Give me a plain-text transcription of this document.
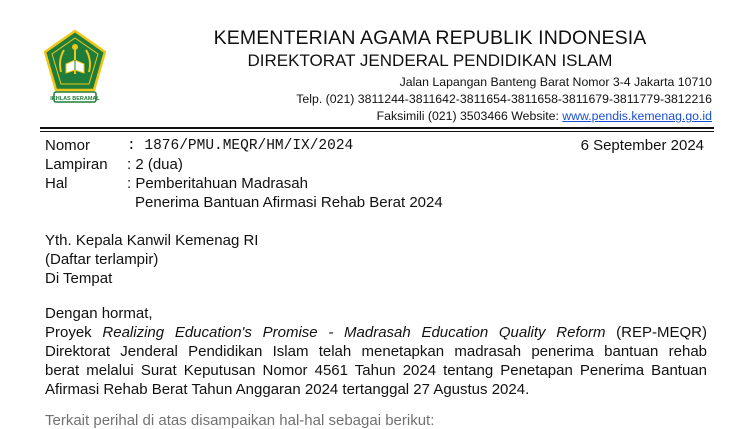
IKHLAS BERAMAL
KEMENTERIAN AGAMA REPUBLIK INDONESIA
DIREKTORAT JENDERAL PENDIDIKAN ISLAM
Jalan Lapangan Banteng Barat Nomor 3-4 Jakarta 10710
Telp. (021) 3811244-3811642-3811654-3811658-3811679-3811779-3812216
Faksimili (021) 3503466 Website: www.pendis.kemenag.go.id
Nomor	: 1876/PMU.MEQR/HM/IX/2024	6 September 2024
Lampiran : 2 (dua)
Hal	: Pemberitahuan Madrasah
Penerima Bantuan Afirmasi Rehab Berat 2024
Yth. Kepala Kanwil Kemenag RI
(Daftar terlampir)
Di Tempat
Dengan hormat,
Proyek Realizing Education's Promise - Madrasah Education Quality Reform (REP-MEQR)
Direktorat Jenderal Pendidikan Islam telah menetapkan madrasah penerima bantuan rehab
berat melalui Surat Keputusan Nomor 4561 Tahun 2024 tentang Penetapan Penerima Bantuan
Afirmasi Rehab Berat Tahun Anggaran 2024 tertanggal 27 Agustus 2024.
Terkait perihal di atas disampaikan hal-hal sebagai berikut:
